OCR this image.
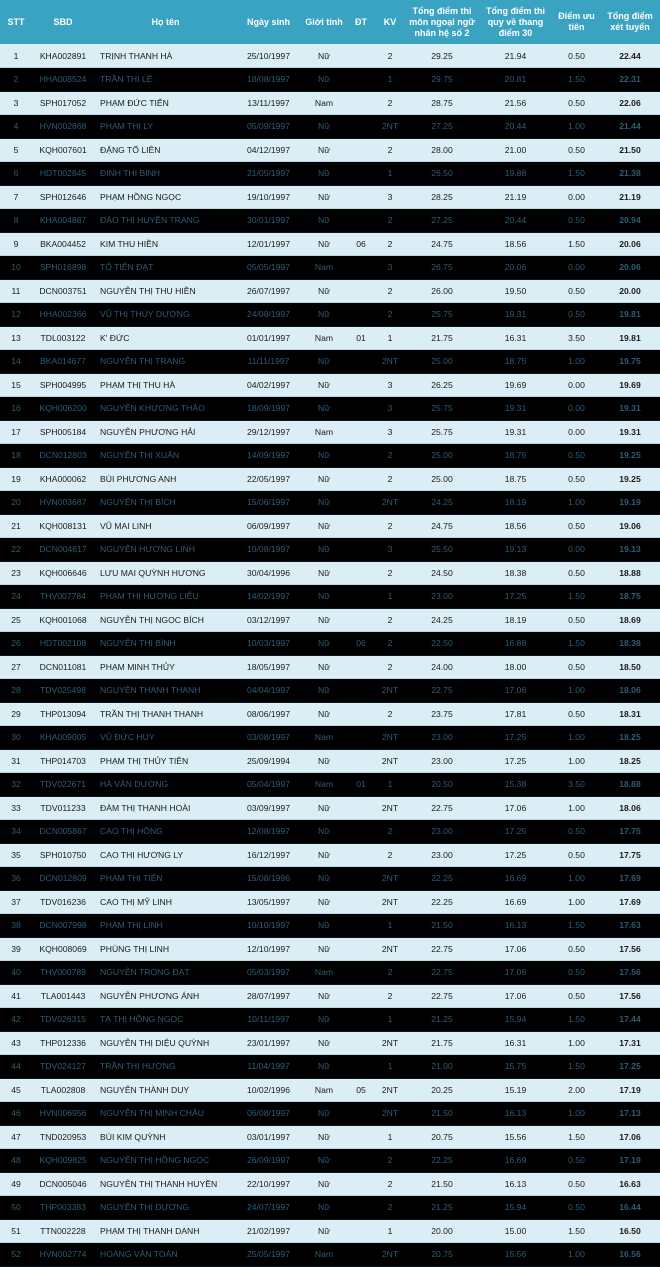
STT	SBD	Họ tên	Ngày sinh	Giới tính	ĐT	KV	Tổng điểm thi môn ngoại ngữ nhân hệ số 2	Tổng điểm thi quy về thang điểm 30	Điểm ưu tiên	Tổng điểm xét tuyển
1	KHA002891	TRỊNH THANH HÀ	25/10/1997	Nữ		2	29.25	21.94	0.50	22.44
2	HHA008524	TRẦN THỊ LỆ	18/08/1997	Nữ		1	29.75	20.81	1.50	22.31
3	SPH017052	PHẠM ĐỨC TIẾN	13/11/1997	Nam		2	28.75	21.56	0.50	22.06
4	HVN002868	PHẠM THỊ LY	05/09/1997	Nữ		2NT	27.25	20.44	1.00	21.44
5	KQH007601	ĐẶNG TỐ LIÊN	04/12/1997	Nữ		2	28.00	21.00	0.50	21.50
6	HDT002845	ĐINH THỊ BÌNH	21/05/1997	Nữ		1	26.50	19.88	1.50	21.38
7	SPH012646	PHẠM HỒNG NGỌC	19/10/1997	Nữ		3	28.25	21.19	0.00	21.19
8	KHA004887	ĐÀO THỊ HUYỀN TRANG	30/01/1997	Nữ		2	27.25	20.44	0.50	20.94
9	BKA004452	KIM THU HIỀN	12/01/1997	Nữ	06	2	24.75	18.56	1.50	20.06
10	SPH016898	TÔ TIẾN ĐẠT	05/05/1997	Nam		3	26.75	20.06	0.00	20.06
11	DCN003751	NGUYỄN THỊ THU HIỀN	26/07/1997	Nữ		2	26.00	19.50	0.50	20.00
12	HHA002366	VŨ THỊ THÙY DƯƠNG	24/08/1997	Nữ		2	25.75	19.31	0.50	19.81
13	TDL003122	K' ĐỨC	01/01/1997	Nam	01	1	21.75	16.31	3.50	19.81
14	BKA014677	NGUYỄN THỊ TRANG	11/11/1997	Nữ		2NT	25.00	18.75	1.00	19.75
15	SPH004995	PHẠM THỊ THU HÀ	04/02/1997	Nữ		3	26.25	19.69	0.00	19.69
16	KQH006200	NGUYỄN KHƯƠNG THẢO	18/09/1997	Nữ		3	25.75	19.31	0.00	19.31
17	SPH005184	NGUYỄN PHƯƠNG HẢI	29/12/1997	Nam		3	25.75	19.31	0.00	19.31
18	DCN012803	NGUYỄN THỊ XUÂN	14/09/1997	Nữ		2	25.00	18.75	0.50	19.25
19	KHA000062	BÙI PHƯƠNG ANH	22/05/1997	Nữ		2	25.00	18.75	0.50	19.25
20	HVN003687	NGUYỄN THỊ BÍCH	15/06/1997	Nữ		2NT	24.25	18.19	1.00	19.19
21	KQH008131	VŨ MAI LINH	06/09/1997	Nữ		2	24.75	18.56	0.50	19.06
22	DCN004617	NGUYỄN HƯƠNG LINH	10/08/1997	Nữ		3	25.50	19.13	0.00	19.13
23	KQH006646	LƯU MAI QUỲNH HƯƠNG	30/04/1996	Nữ		2	24.50	18.38	0.50	18.88
24	THV007784	PHẠM THỊ HƯƠNG LIỄU	14/02/1997	Nữ		1	23.00	17.25	1.50	18.75
25	KQH001068	NGUYỄN THỊ NGỌC BÍCH	03/12/1997	Nữ		2	24.25	18.19	0.50	18.69
26	HDT002108	NGUYỄN THỊ BÌNH	10/03/1997	Nữ	06	2	22.50	16.88	1.50	18.38
27	DCN011081	PHẠM MINH THỦY	18/05/1997	Nữ		2	24.00	18.00	0.50	18.50
28	TDV025498	NGUYỄN THANH THANH	04/04/1997	Nữ		2NT	22.75	17.06	1.00	18.06
29	THP013094	TRẦN THỊ THANH THANH	08/06/1997	Nữ		2	23.75	17.81	0.50	18.31
30	KHA009005	VŨ ĐỨC HUY	03/08/1997	Nam		2NT	23.00	17.25	1.00	18.25
31	THP014703	PHẠM THỊ THỦY TIÊN	25/09/1994	Nữ		2NT	23.00	17.25	1.00	18.25
32	TDV022671	HÀ VĂN DƯƠNG	05/04/1997	Nam	01	1	20.50	15.38	3.50	18.88
33	TDV011233	ĐÀM THỊ THANH HOÀI	03/09/1997	Nữ		2NT	22.75	17.06	1.00	18.06
34	DCN005867	CAO THỊ HỒNG	12/08/1997	Nữ		2	23.00	17.25	0.50	17.75
35	SPH010750	CAO THỊ HƯƠNG LY	16/12/1997	Nữ		2	23.00	17.25	0.50	17.75
36	DCN012809	PHẠM THỊ TIÊN	15/08/1996	Nữ		2NT	22.25	16.69	1.00	17.69
37	TDV016236	CAO THỊ MỸ LINH	13/05/1997	Nữ		2NT	22.25	16.69	1.00	17.69
38	DCN007998	PHẠM THỊ LINH	10/10/1997	Nữ		1	21.50	16.13	1.50	17.63
39	KQH008069	PHÙNG THỊ LINH	12/10/1997	Nữ		2NT	22.75	17.06	0.50	17.56
40	THV000789	NGUYỄN TRỌNG ĐẠT	05/03/1997	Nam		2	22.75	17.06	0.50	17.56
41	TLA001443	NGUYỄN PHƯƠNG ÁNH	28/07/1997	Nữ		2	22.75	17.06	0.50	17.56
42	TDV026315	TẠ THỊ HỒNG NGỌC	10/11/1997	Nữ		1	21.25	15.94	1.50	17.44
43	THP012336	NGUYỄN THỊ DIỆU QUỲNH	23/01/1997	Nữ		2NT	21.75	16.31	1.00	17.31
44	TDV024127	TRẦN THỊ HƯƠNG	11/04/1997	Nữ		1	21.00	15.75	1.50	17.25
45	TLA002808	NGUYỄN THÀNH DUY	10/02/1996	Nam	05	2NT	20.25	15.19	2.00	17.19
46	HVN006956	NGUYỄN THỊ MINH CHÂU	06/08/1997	Nữ		2NT	21.50	16.13	1.00	17.13
47	TND020953	BÙI KIM QUỲNH	03/01/1997	Nữ		1	20.75	15.56	1.50	17.06
48	KQH009825	NGUYỄN THỊ HỒNG NGỌC	26/09/1997	Nữ		2	22.25	16.69	0.50	17.19
49	DCN005046	NGUYỄN THỊ THANH HUYỀN	22/10/1997	Nữ		2	21.50	16.13	0.50	16.63
50	THP003383	NGUYỄN THỊ DƯƠNG	24/07/1997	Nữ		2	21.25	15.94	0.50	16.44
51	TTN002228	PHẠM THỊ THANH DANH	21/02/1997	Nữ		1	20.00	15.00	1.50	16.50
52	HVN002774	HOÀNG VĂN TOÀN	25/05/1997	Nam		2NT	20.75	15.56	1.00	16.56
